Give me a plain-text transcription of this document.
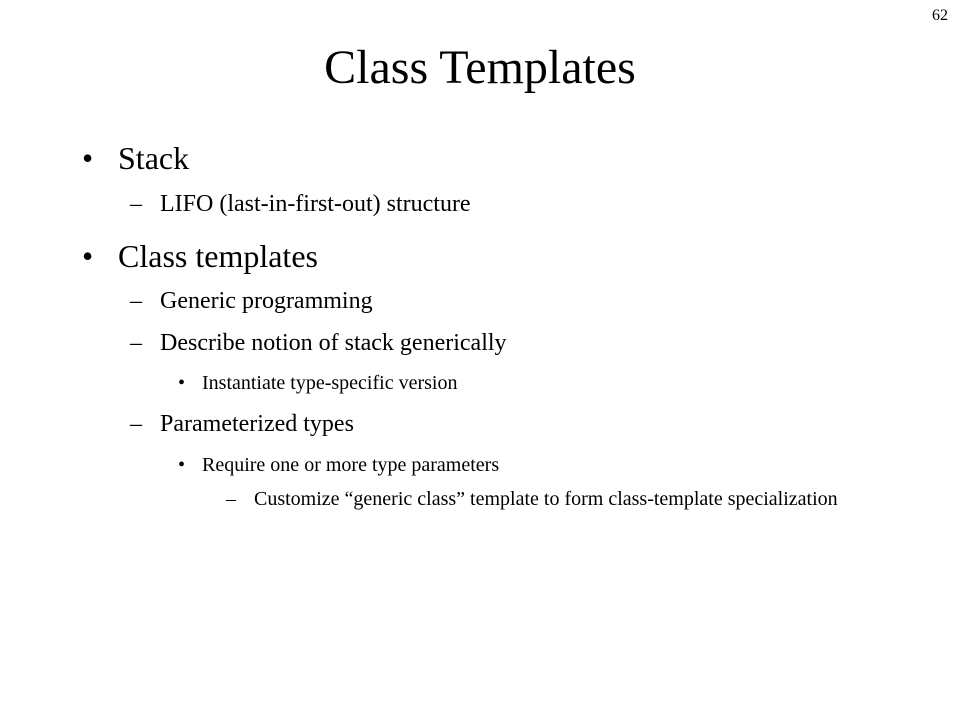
62
Class Templates
• Stack
– LIFO (last-in-first-out) structure
• Class templates
– Generic programming
– Describe notion of stack generically
• Instantiate type-specific version
– Parameterized types
• Require one or more type parameters
– Customize “generic class” template to form class-template specialization
